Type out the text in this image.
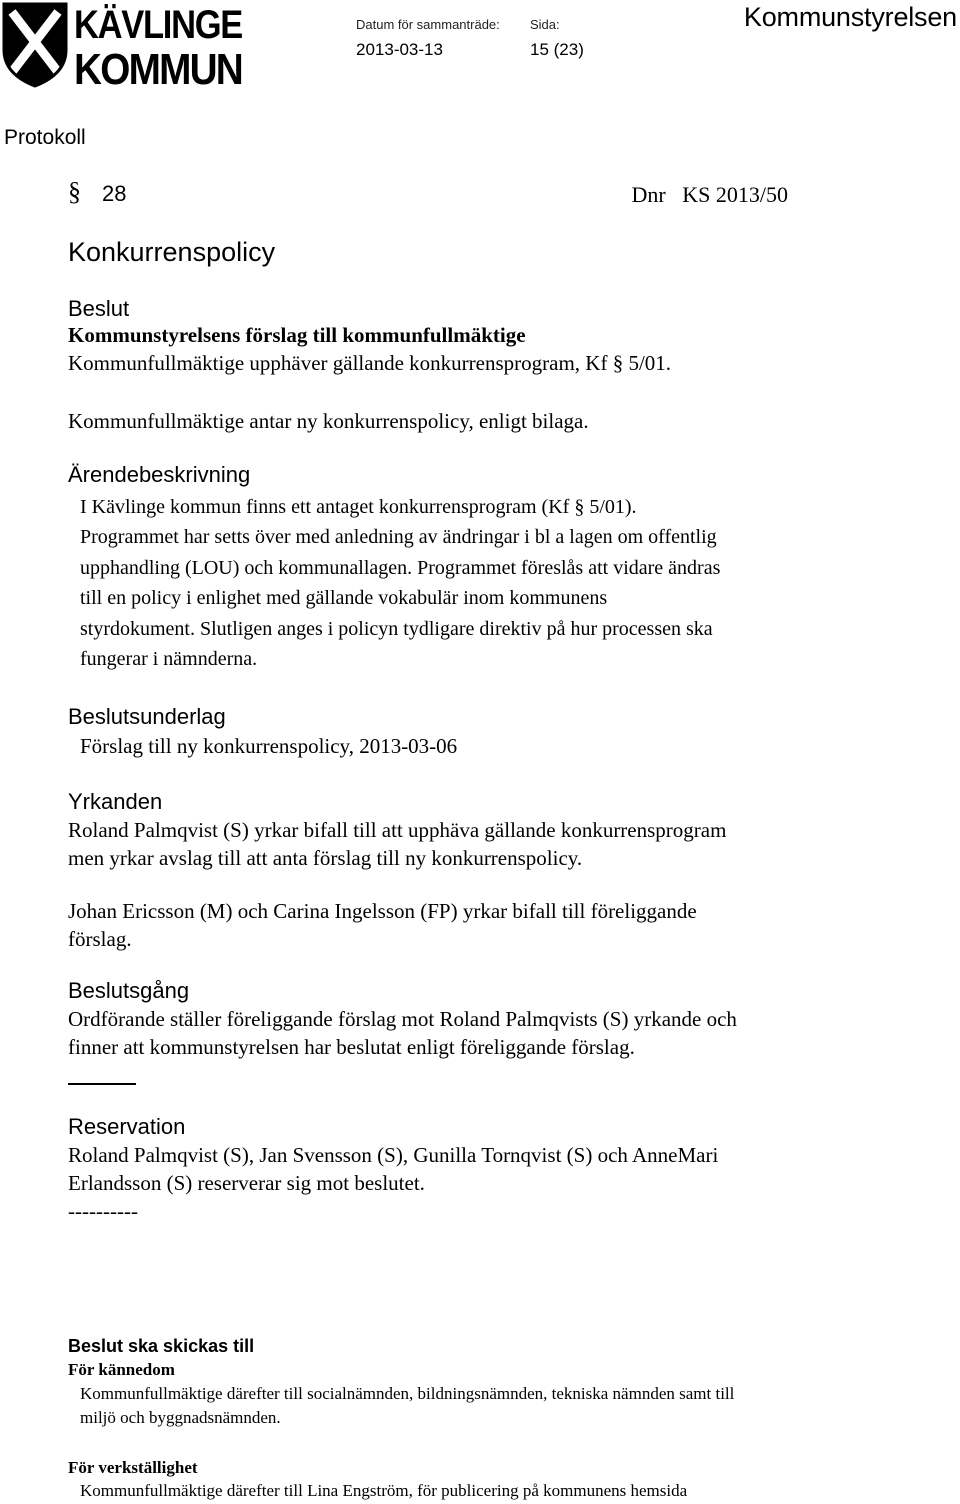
KÄVLINGE
KOMMUN
Datum för sammanträde: Sida:
2013-03-13	15 (23)
Kommunstyrelsen
Protokoll
§ 28	Dnr   KS 2013/50
Konkurrenspolicy
Beslut
Kommunstyrelsens förslag till kommunfullmäktige
Kommunfullmäktige upphäver gällande konkurrensprogram, Kf § 5/01.
Kommunfullmäktige antar ny konkurrenspolicy, enligt bilaga.
Ärendebeskrivning
I Kävlinge kommun finns ett antaget konkurrensprogram (Kf § 5/01).
Programmet har setts över med anledning av ändringar i bl a lagen om offentlig
upphandling (LOU) och kommunallagen. Programmet föreslås att vidare ändras
till en policy i enlighet med gällande vokabulär inom kommunens
styrdokument. Slutligen anges i policyn tydligare direktiv på hur processen ska
fungerar i nämnderna.
Beslutsunderlag
Förslag till ny konkurrenspolicy, 2013-03-06
Yrkanden
Roland Palmqvist (S) yrkar bifall till att upphäva gällande konkurrensprogram
men yrkar avslag till att anta förslag till ny konkurrenspolicy.
Johan Ericsson (M) och Carina Ingelsson (FP) yrkar bifall till föreliggande
förslag.
Beslutsgång
Ordförande ställer föreliggande förslag mot Roland Palmqvists (S) yrkande och
finner att kommunstyrelsen har beslutat enligt föreliggande förslag.
Reservation
Roland Palmqvist (S), Jan Svensson (S), Gunilla Tornqvist (S) och AnneMari
Erlandsson (S) reserverar sig mot beslutet.
----------
Beslut ska skickas till
För kännedom
Kommunfullmäktige därefter till socialnämnden, bildningsnämnden, tekniska nämnden samt till
miljö och byggnadsnämnden.
För verkställighet
Kommunfullmäktige därefter till Lina Engström, för publicering på kommunens hemsida
